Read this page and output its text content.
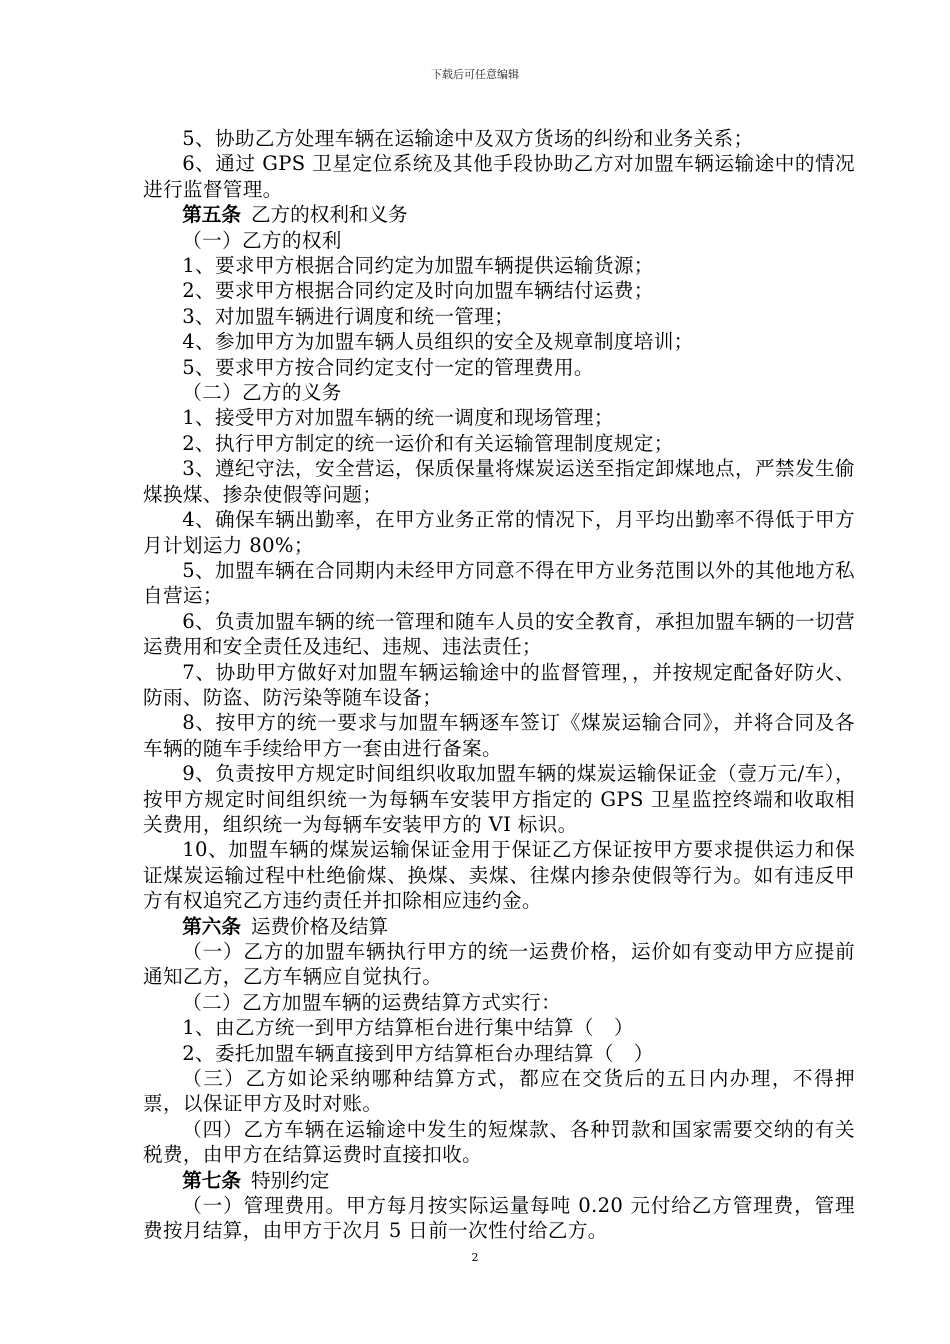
下载后可任意编辑

5、协助乙方处理车辆在运输途中及双方货场的纠纷和业务关系；

6、通过 GPS 卫星定位系统及其他手段协助乙方对加盟车辆运输途中的情况进行监督管理。

第五条 乙方的权利和义务

（一）乙方的权利

1、要求甲方根据合同约定为加盟车辆提供运输货源；

2、要求甲方根据合同约定及时向加盟车辆结付运费；

3、对加盟车辆进行调度和统一管理；

4、参加甲方为加盟车辆人员组织的安全及规章制度培训；

5、要求甲方按合同约定支付一定的管理费用。

（二）乙方的义务

1、接受甲方对加盟车辆的统一调度和现场管理；

2、执行甲方制定的统一运价和有关运输管理制度规定；

3、遵纪守法，安全营运，保质保量将煤炭运送至指定卸煤地点，严禁发生偷煤换煤、掺杂使假等问题；

4、确保车辆出勤率，在甲方业务正常的情况下，月平均出勤率不得低于甲方月计划运力 80%；

5、加盟车辆在合同期内未经甲方同意不得在甲方业务范围以外的其他地方私自营运；

6、负责加盟车辆的统一管理和随车人员的安全教育，承担加盟车辆的一切营运费用和安全责任及违纪、违规、违法责任；

7、协助甲方做好对加盟车辆运输途中的监督管理，，并按规定配备好防火、防雨、防盗、防污染等随车设备；

8、按甲方的统一要求与加盟车辆逐车签订《煤炭运输合同》，并将合同及各车辆的随车手续给甲方一套由进行备案。

9、负责按甲方规定时间组织收取加盟车辆的煤炭运输保证金（壹万元/车），按甲方规定时间组织统一为每辆车安装甲方指定的 GPS 卫星监控终端和收取相关费用，组织统一为每辆车安装甲方的 VI 标识。

10、加盟车辆的煤炭运输保证金用于保证乙方保证按甲方要求提供运力和保证煤炭运输过程中杜绝偷煤、换煤、卖煤、往煤内掺杂使假等行为。如有违反甲方有权追究乙方违约责任并扣除相应违约金。

第六条 运费价格及结算

（一）乙方的加盟车辆执行甲方的统一运费价格，运价如有变动甲方应提前通知乙方，乙方车辆应自觉执行。

（二）乙方加盟车辆的运费结算方式实行：

1、由乙方统一到甲方结算柜台进行集中结算（　）

2、委托加盟车辆直接到甲方结算柜台办理结算（　）

（三）乙方如论采纳哪种结算方式，都应在交货后的五日内办理，不得押票，以保证甲方及时对账。

（四）乙方车辆在运输途中发生的短煤款、各种罚款和国家需要交纳的有关税费，由甲方在结算运费时直接扣收。

第七条 特别约定

（一）管理费用。甲方每月按实际运量每吨 0.20 元付给乙方管理费，管理费按月结算，由甲方于次月 5 日前一次性付给乙方。

2
